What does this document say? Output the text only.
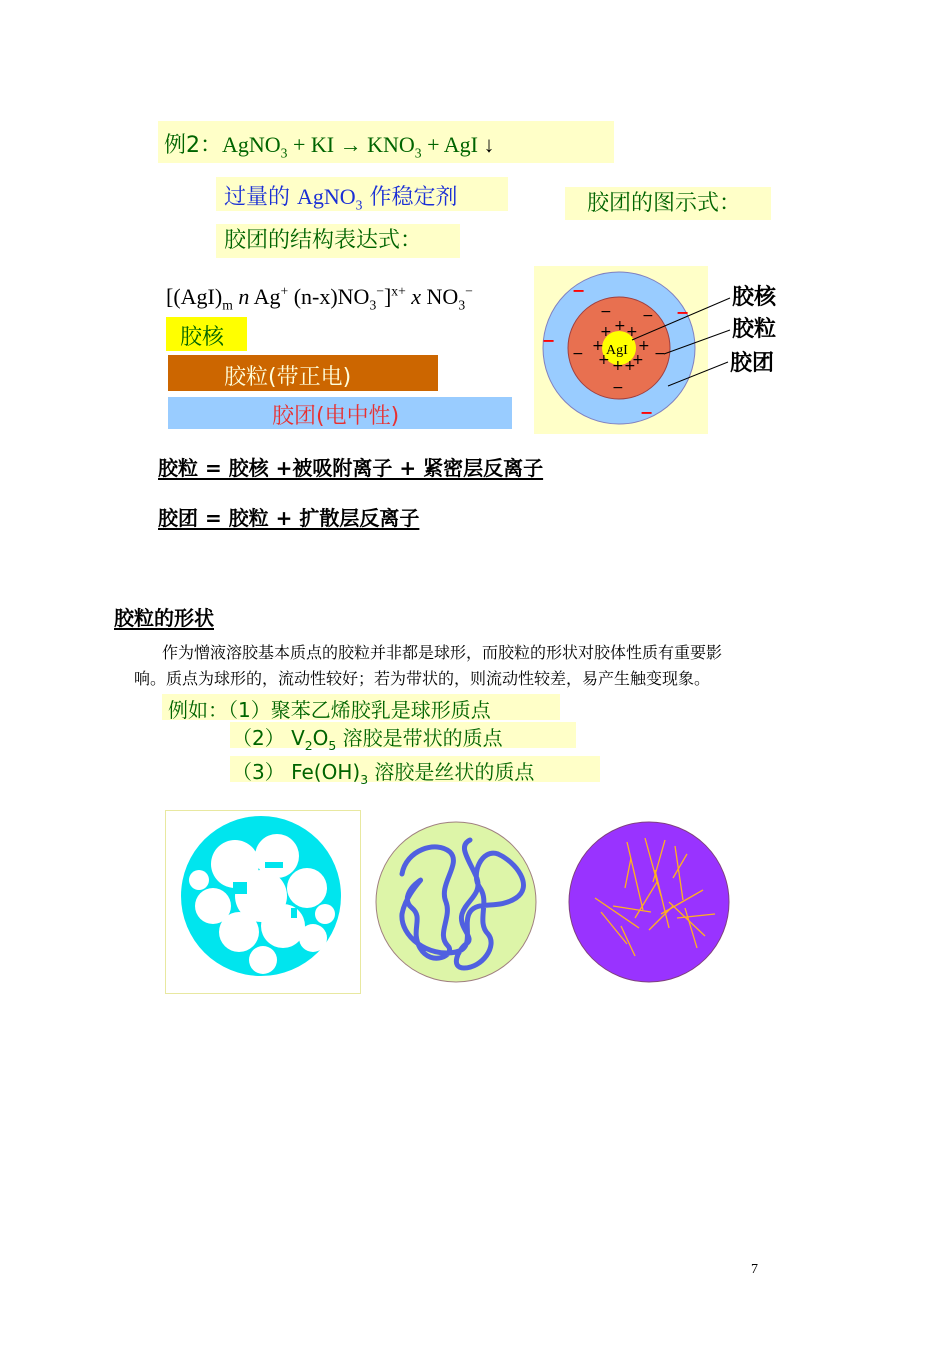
例2：AgNO$_3$ + KI → $KNO_3$ + AgI ↓
过量的 AgNO$_3$ 作稳定剂	胶团的图示式：
胶团的结构表达式：
[$(AgI)_m$ n Ag+ $(n-x)NO_3^-]^{x+}$ x $NO_3^-$
胶核
胶粒(带正电)
胶团(电中性)
AgI
+ +
+
+ +
+ +
+ +
− −
−	−
−
−
−
−
−
胶核
胶粒
胶团
胶粒 = 胶核 +被吸附离子 + 紧密层反离子
胶团 = 胶粒 + 扩散层反离子
胶粒的形状
作为憎液溶胶基本质点的胶粒并非都是球形，而胶粒的形状对胶体性质有重要影
响。质点为球形的，流动性较好；若为带状的，则流动性较差，易产生触变现象。
例如：（1）聚苯乙烯胶乳是球形质点
（2） $V_2O_5$ 溶胶是带状的质点
（3） $Fe(OH)_3$ 溶胶是丝状的质点
7
